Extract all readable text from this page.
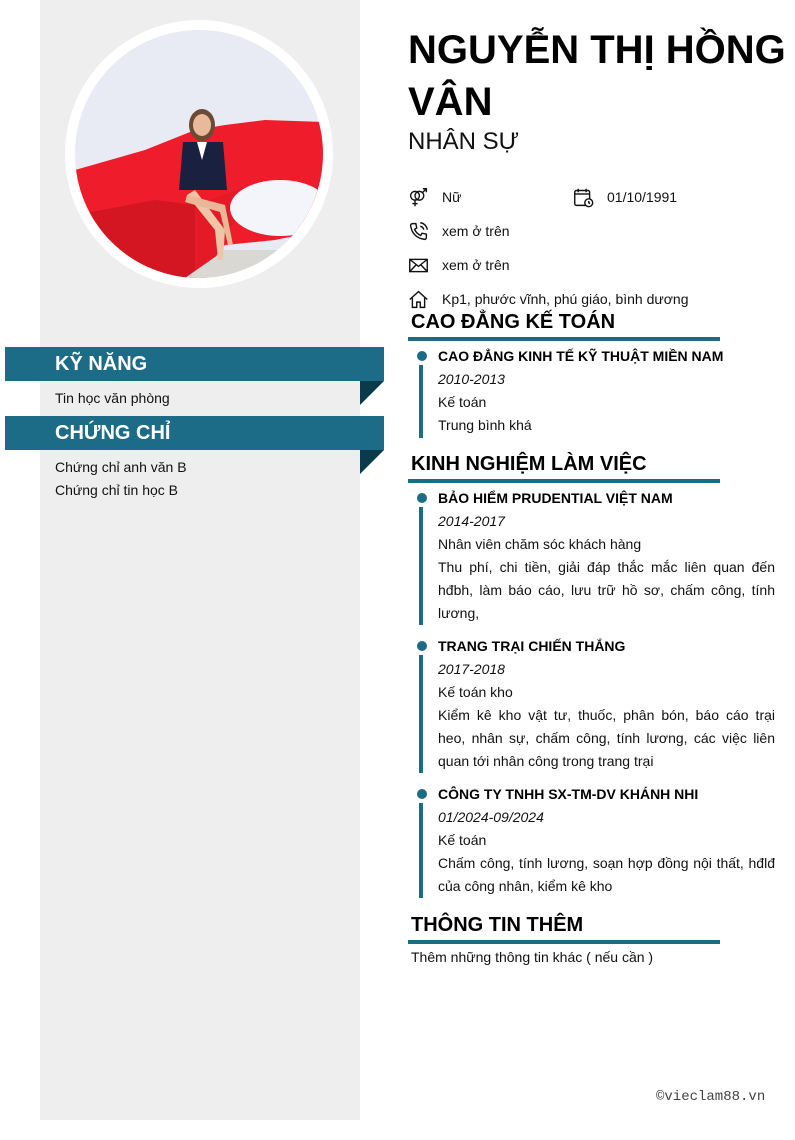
KỸ NĂNG
Tin học văn phòng
CHỨNG CHỈ
Chứng chỉ anh văn B
Chứng chỉ tin học B
NGUYỄN THỊ HỒNG VÂN
NHÂN SỰ
Nữ	01/10/1991
xem ở trên
xem ở trên
Kp1, phước vĩnh, phú giáo, bình dương
CAO ĐẲNG KẾ TOÁN
CAO ĐẲNG KINH TẾ KỸ THUẬT MIỀN NAM
2010-2013
Kế toán
Trung bình khá
KINH NGHIỆM LÀM VIỆC
BẢO HIỂM PRUDENTIAL VIỆT NAM
2014-2017
Nhân viên chăm sóc khách hàng
Thu phí, chi tiền, giải đáp thắc mắc liên quan đến hđbh, làm báo cáo, lưu trữ hồ sơ, chấm công, tính lương,
TRANG TRẠI CHIẾN THẮNG
2017-2018
Kế toán kho
Kiểm kê kho vật tư, thuốc, phân bón, báo cáo trại heo, nhân sự, chấm công, tính lương, các việc liên quan tới nhân công trong trang trại
CÔNG TY TNHH SX-TM-DV KHÁNH NHI
01/2024-09/2024
Kế toán
Chấm công, tính lương, soạn hợp đồng nội thất, hđlđ của công nhân, kiểm kê kho
THÔNG TIN THÊM
Thêm những thông tin khác ( nếu cần )
©vieclam88.vn
